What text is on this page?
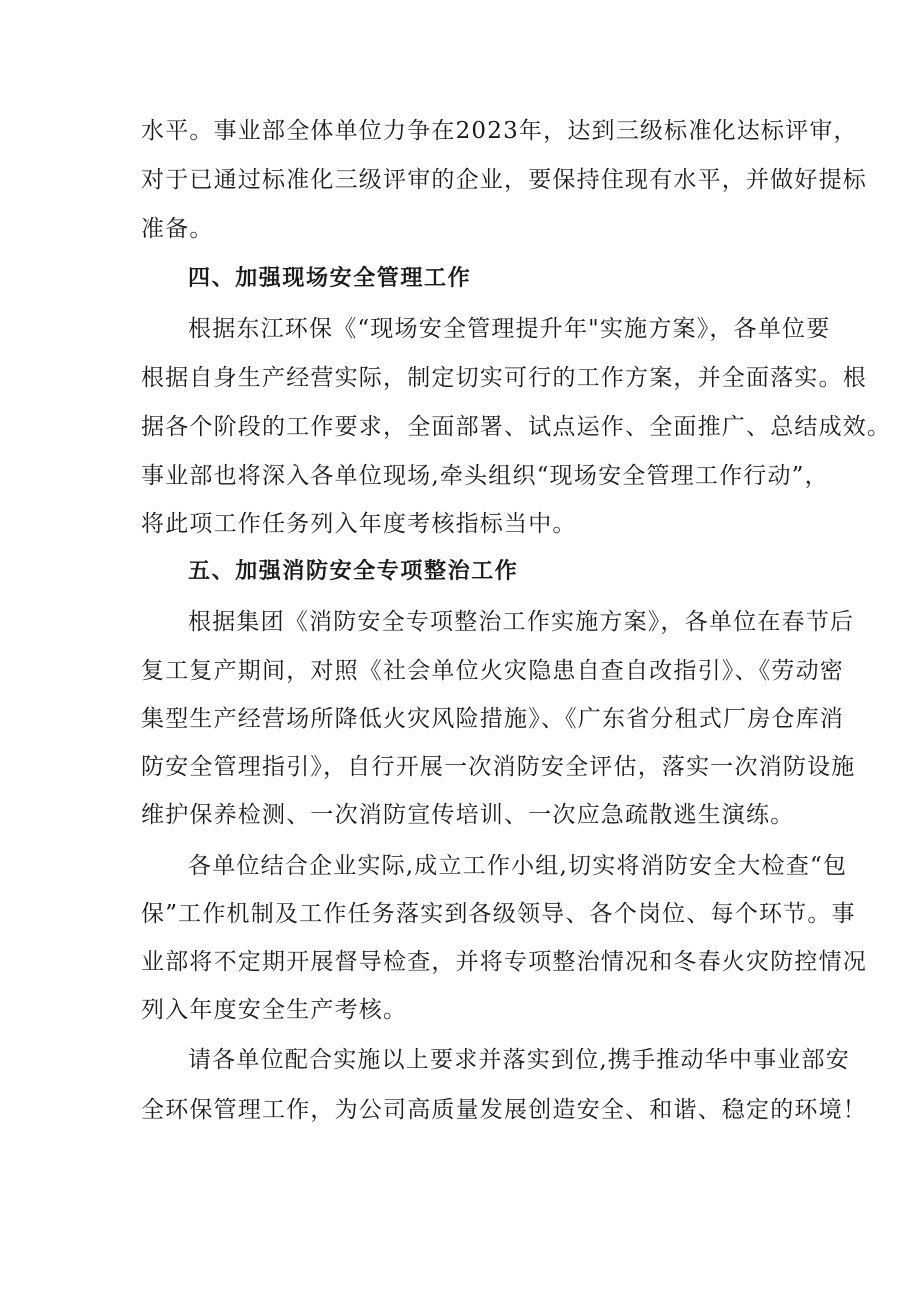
水平。事业部全体单位力争在2023年，达到三级标准化达标评审，
对于已通过标准化三级评审的企业，要保持住现有水平，并做好提标
准备。
四、加强现场安全管理工作
根据东江环保《“现场安全管理提升年"实施方案》，各单位要
根据自身生产经营实际，制定切实可行的工作方案，并全面落实。根
据各个阶段的工作要求，全面部署、试点运作、全面推广、总结成效。
事业部也将深入各单位现场,牵头组织“现场安全管理工作行动”，
将此项工作任务列入年度考核指标当中。
五、加强消防安全专项整治工作
根据集团《消防安全专项整治工作实施方案》，各单位在春节后
复工复产期间，对照《社会单位火灾隐患自查自改指引》、《劳动密
集型生产经营场所降低火灾风险措施》、《广东省分租式厂房仓库消
防安全管理指引》，自行开展一次消防安全评估，落实一次消防设施
维护保养检测、一次消防宣传培训、一次应急疏散逃生演练。
各单位结合企业实际,成立工作小组,切实将消防安全大检查“包
保”工作机制及工作任务落实到各级领导、各个岗位、每个环节。事
业部将不定期开展督导检查，并将专项整治情况和冬春火灾防控情况
列入年度安全生产考核。
请各单位配合实施以上要求并落实到位,携手推动华中事业部安
全环保管理工作，为公司高质量发展创造安全、和谐、稳定的环境！
